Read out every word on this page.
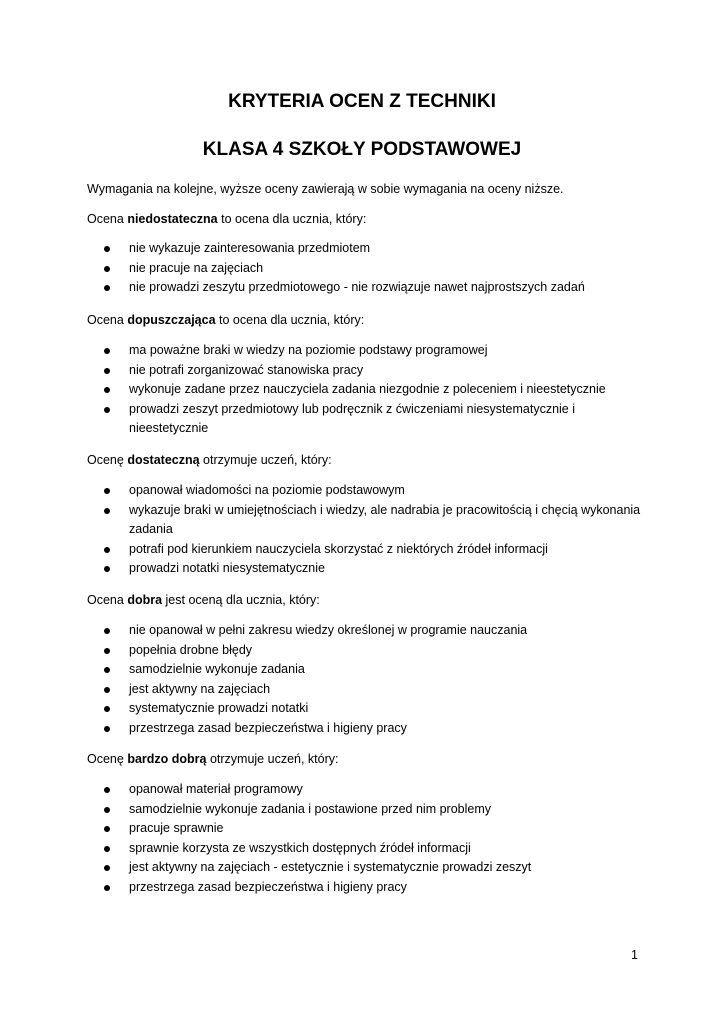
KRYTERIA OCEN Z TECHNIKI
KLASA 4 SZKOŁY PODSTAWOWEJ
Wymagania na kolejne, wyższe oceny zawierają w sobie wymagania na oceny niższe.
Ocena niedostateczna to ocena dla ucznia, który:
nie wykazuje zainteresowania przedmiotem
nie pracuje na zajęciach
nie prowadzi zeszytu przedmiotowego - nie rozwiązuje nawet najprostszych zadań
Ocena dopuszczająca to ocena dla ucznia, który:
ma poważne braki w wiedzy na poziomie podstawy programowej
nie potrafi zorganizować stanowiska pracy
wykonuje zadane przez nauczyciela zadania niezgodnie z poleceniem i nieestetycznie
prowadzi zeszyt przedmiotowy lub podręcznik z ćwiczeniami niesystematycznie i nieestetycznie
Ocenę dostateczną otrzymuje uczeń, który:
opanował wiadomości na poziomie podstawowym
wykazuje braki w umiejętnościach i wiedzy, ale nadrabia je pracowitością i chęcią wykonania zadania
potrafi pod kierunkiem nauczyciela skorzystać z niektórych źródeł informacji
prowadzi notatki niesystematycznie
Ocena dobra jest oceną dla ucznia, który:
nie opanował w pełni zakresu wiedzy określonej w programie nauczania
popełnia drobne błędy
samodzielnie wykonuje zadania
jest aktywny na zajęciach
systematycznie prowadzi notatki
przestrzega zasad bezpieczeństwa i higieny pracy
Ocenę bardzo dobrą otrzymuje uczeń, który:
opanował materiał programowy
samodzielnie wykonuje zadania i postawione przed nim problemy
pracuje sprawnie
sprawnie korzysta ze wszystkich dostępnych źródeł informacji
jest aktywny na zajęciach - estetycznie i systematycznie prowadzi zeszyt
przestrzega zasad bezpieczeństwa i higieny pracy
1
